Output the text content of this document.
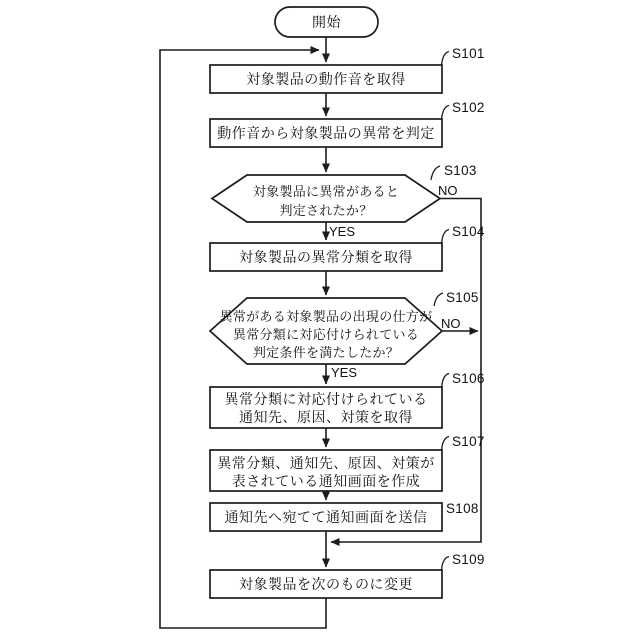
開始
対象製品の動作音を取得
S101
動作音から対象製品の異常を判定
S102
対象製品に異常があると
判定されたか？
S103
NO
YES
対象製品の異常分類を取得
S104
異常がある対象製品の出現の仕方が
異常分類に対応付けられている
判定条件を満たしたか？
S105
NO
YES
異常分類に対応付けられている
通知先、原因、対策を取得
S106
異常分類、通知先、原因、対策が
表されている通知画面を作成
S107
通知先へ宛てて通知画面を送信
S108
対象製品を次のものに変更
S109
